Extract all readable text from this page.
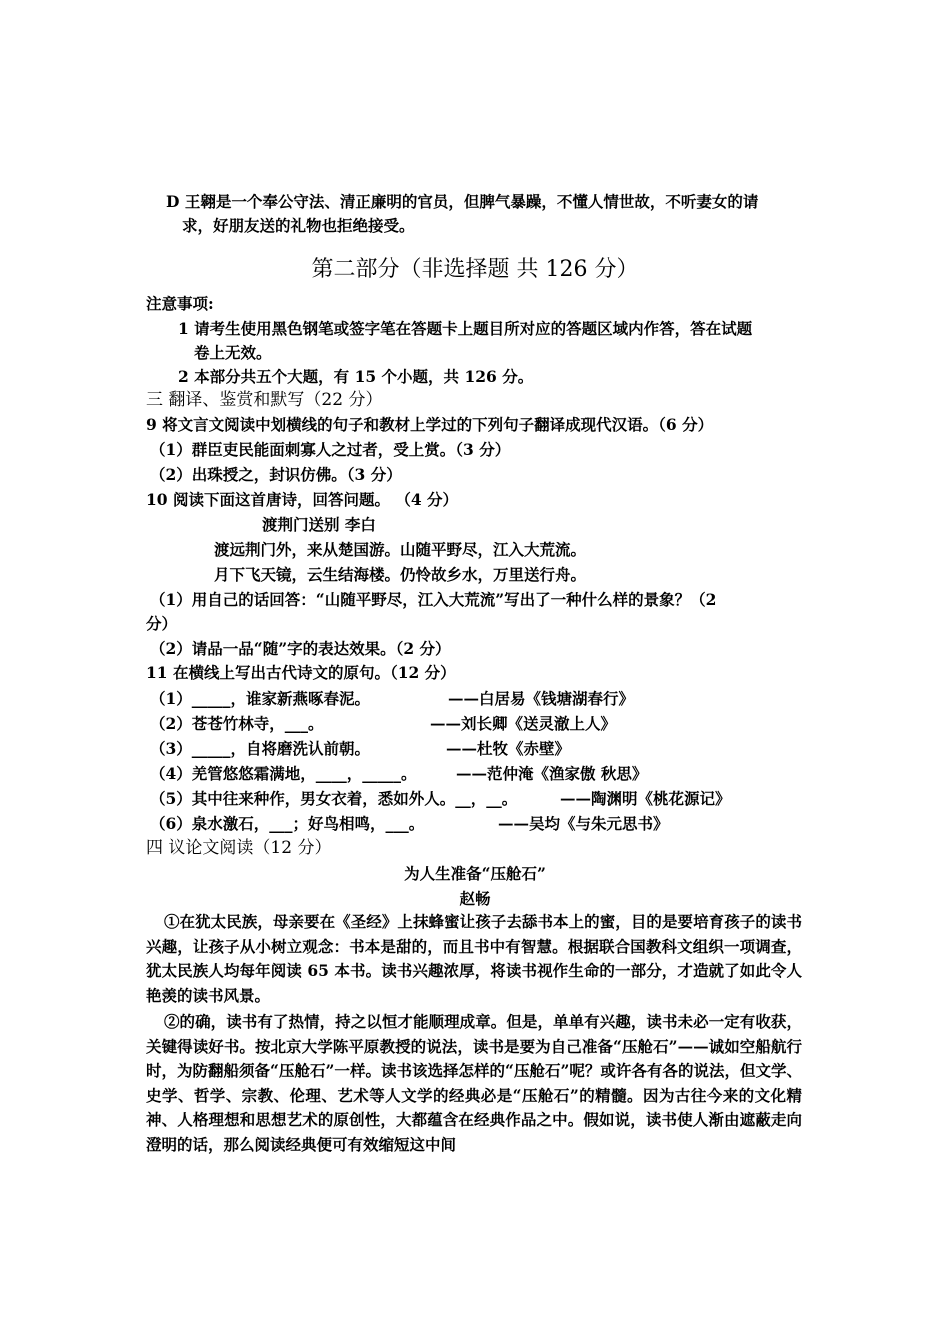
D 王翱是一个奉公守法、清正廉明的官员，但脾气暴躁，不懂人情世故，不听妻女的请
求，好朋友送的礼物也拒绝接受。
第二部分（非选择题 共 126 分）
注意事项:
1 请考生使用黑色钢笔或签字笔在答题卡上题目所对应的答题区域内作答，答在试题
卷上无效。
2 本部分共五个大题，有 15 个小题，共 126 分。
三 翻译、鉴赏和默写（22 分）
9 将文言文阅读中划横线的句子和教材上学过的下列句子翻译成现代汉语。（6 分）
（1）群臣吏民能面刺寡人之过者，受上赏。（3 分）
（2）出珠授之，封识仿佛。（3 分）
10 阅读下面这首唐诗，回答问题。 （4 分）
渡荆门送别 李白
渡远荆门外，来从楚国游。山随平野尽，江入大荒流。
月下飞天镜，云生结海楼。仍怜故乡水，万里送行舟。
（1）用自己的话回答：“山随平野尽，江入大荒流”写出了一种什么样的景象？（2
分）
（2）请品一品“随”字的表达效果。（2 分）
11 在横线上写出古代诗文的原句。（12 分）
（1）_____，谁家新燕啄春泥。	——白居易《钱塘湖春行》
（2）苍苍竹林寺，___。	——刘长卿《送灵澈上人》
（3）_____，自将磨洗认前朝。	——杜牧《赤壁》
（4）羌管悠悠霜满地，____，_____。	——范仲淹《渔家傲 秋思》
（5）其中往来种作，男女衣着，悉如外人。__，__。	——陶渊明《桃花源记》
（6）泉水激石，___；好鸟相鸣，___。	——吴均《与朱元思书》
四 议论文阅读（12 分）
为人生准备“压舱石”
赵畅
①在犹太民族，母亲要在《圣经》上抹蜂蜜让孩子去舔书本上的蜜，目的是要培育孩子的读书兴趣，让孩子从小树立观念：书本是甜的，而且书中有智慧。根据联合国教科文组织一项调查，犹太民族人均每年阅读 65 本书。读书兴趣浓厚，将读书视作生命的一部分，才造就了如此令人艳羡的读书风景。
②的确，读书有了热情，持之以恒才能顺理成章。但是，单单有兴趣，读书未必一定有收获，关键得读好书。按北京大学陈平原教授的说法，读书是要为自己准备“压舱石”——诚如空船航行时，为防翻船须备“压舱石”一样。读书该选择怎样的“压舱石”呢？或许各有各的说法，但文学、史学、哲学、宗教、伦理、艺术等人文学的经典必是“压舱石”的精髓。因为古往今来的文化精神、人格理想和思想艺术的原创性，大都蕴含在经典作品之中。假如说，读书使人渐由遮蔽走向澄明的话，那么阅读经典便可有效缩短这中间
